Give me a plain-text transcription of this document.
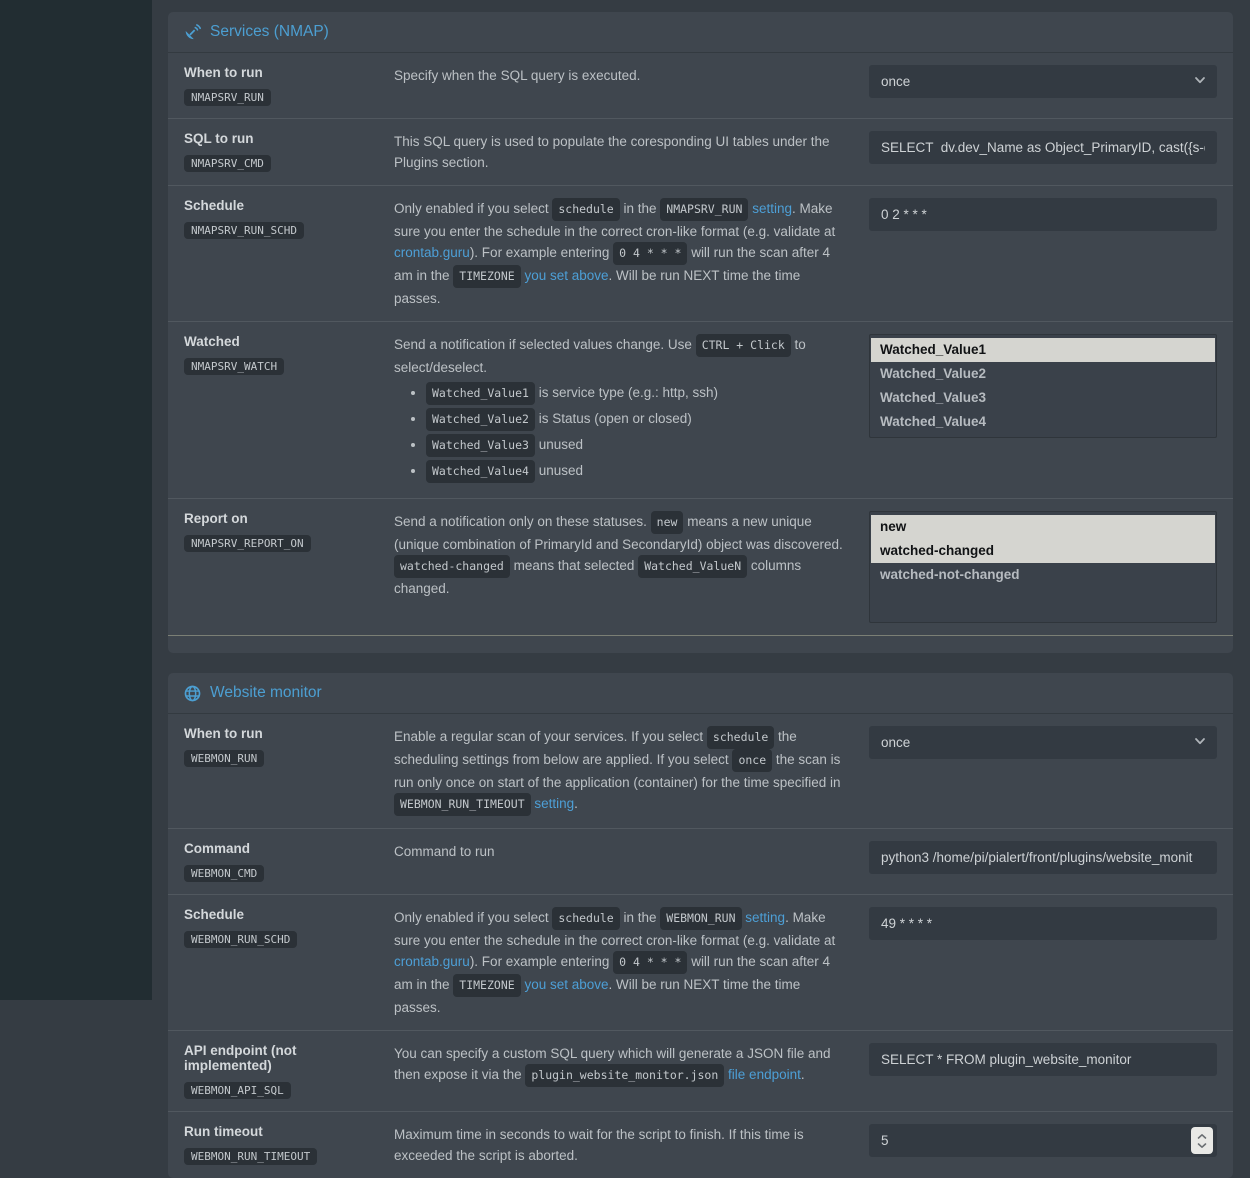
Services (NMAP)
When to run
NMAPSRV_RUN
Specify when the SQL query is executed.	once
SQL to run
NMAPSRV_CMD
This SQL query is used to populate the coresponding UI tables under the Plugins section.
SELECT dv.dev_Name as Object_PrimaryID, cast({s-quo
Schedule
NMAPSRV_RUN_SCHD
Only enabled if you select schedule in the NMAPSRV_RUN setting. Make sure you enter the schedule in the correct cron-like format (e.g. validate at crontab.guru). For example entering 0 4 * * * will run the scan after 4 am in the TIMEZONE you set above. Will be run NEXT time the time passes.
0 2 * * *
Watched
NMAPSRV_WATCH
Send a notification if selected values change. Use CTRL + Click to select/deselect.
• Watched_Value1 is service type (e.g.: http, ssh)
• Watched_Value2 is Status (open or closed)
• Watched_Value3 unused
• Watched_Value4 unused
Watched_Value1
Watched_Value2
Watched_Value3
Watched_Value4
Report on
NMAPSRV_REPORT_ON
Send a notification only on these statuses. new means a new unique (unique combination of PrimaryId and SecondaryId) object was discovered. watched-changed means that selected Watched_ValueN columns changed.
new
watched-changed
watched-not-changed
Website monitor
When to run
WEBMON_RUN
Enable a regular scan of your services. If you select schedule the scheduling settings from below are applied. If you select once the scan is run only once on start of the application (container) for the time specified in WEBMON_RUN_TIMEOUT setting.
once
Command
WEBMON_CMD
Command to run
python3 /home/pi/pialert/front/plugins/website_monit
Schedule
WEBMON_RUN_SCHD
Only enabled if you select schedule in the WEBMON_RUN setting. Make sure you enter the schedule in the correct cron-like format (e.g. validate at crontab.guru). For example entering 0 4 * * * will run the scan after 4 am in the TIMEZONE you set above. Will be run NEXT time the time passes.
49 * * * *
API endpoint (not implemented)
WEBMON_API_SQL
You can specify a custom SQL query which will generate a JSON file and then expose it via the plugin_website_monitor.json file endpoint.
SELECT * FROM plugin_website_monitor
Run timeout
WEBMON_RUN_TIMEOUT
Maximum time in seconds to wait for the script to finish. If this time is exceeded the script is aborted.
5
